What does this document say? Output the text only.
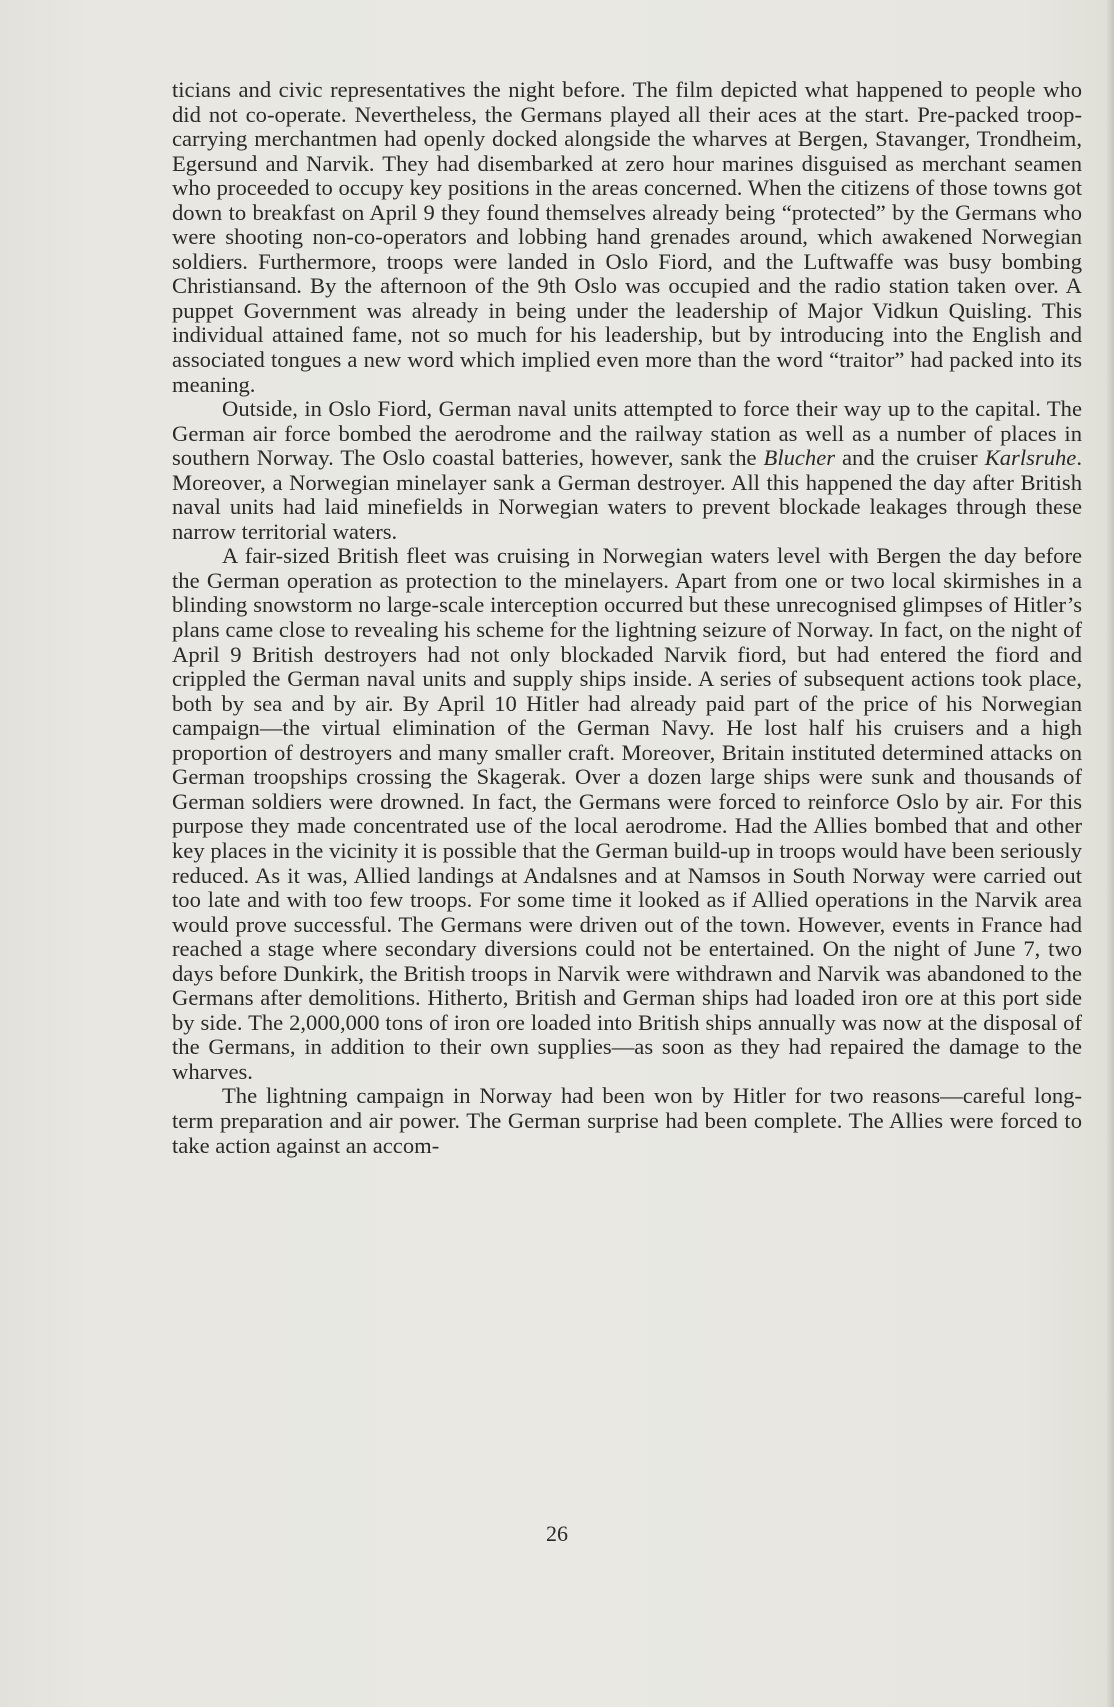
ticians and civic representatives the night before. The film depicted what happened to people who did not co-operate. Nevertheless, the Germans played all their aces at the start. Pre-packed troop-carrying merchantmen had openly docked alongside the wharves at Bergen, Stavanger, Trondheim, Egersund and Narvik. They had disembarked at zero hour marines disguised as merchant seamen who proceeded to occupy key positions in the areas concerned. When the citizens of those towns got down to breakfast on April 9 they found themselves already being “protected” by the Germans who were shooting non-co-operators and lobbing hand grenades around, which awakened Norwegian soldiers. Furthermore, troops were landed in Oslo Fiord, and the Luftwaffe was busy bombing Christiansand. By the afternoon of the 9th Oslo was occupied and the radio station taken over. A puppet Government was already in being under the leadership of Major Vidkun Quisling. This individual attained fame, not so much for his leadership, but by introducing into the English and associated tongues a new word which implied even more than the word “traitor” had packed into its meaning.

Outside, in Oslo Fiord, German naval units attempted to force their way up to the capital. The German air force bombed the aerodrome and the railway station as well as a number of places in southern Norway. The Oslo coastal batteries, however, sank the Blucher and the cruiser Karlsruhe. Moreover, a Norwegian minelayer sank a German destroyer. All this happened the day after British naval units had laid minefields in Norwegian waters to prevent blockade leakages through these narrow territorial waters.

A fair-sized British fleet was cruising in Norwegian waters level with Bergen the day before the German operation as protection to the minelayers. Apart from one or two local skirmishes in a blinding snowstorm no large-scale interception occurred but these unrecognised glimpses of Hitler’s plans came close to revealing his scheme for the lightning seizure of Norway. In fact, on the night of April 9 British destroyers had not only blockaded Narvik fiord, but had entered the fiord and crippled the German naval units and supply ships inside. A series of subsequent actions took place, both by sea and by air. By April 10 Hitler had already paid part of the price of his Norwegian campaign—the virtual elimination of the German Navy. He lost half his cruisers and a high proportion of destroyers and many smaller craft. Moreover, Britain instituted determined attacks on German troopships crossing the Skagerak. Over a dozen large ships were sunk and thousands of German soldiers were drowned. In fact, the Germans were forced to reinforce Oslo by air. For this purpose they made concentrated use of the local aerodrome. Had the Allies bombed that and other key places in the vicinity it is possible that the German build-up in troops would have been seriously reduced. As it was, Allied landings at Andalsnes and at Namsos in South Norway were carried out too late and with too few troops. For some time it looked as if Allied operations in the Narvik area would prove successful. The Germans were driven out of the town. However, events in France had reached a stage where secondary diversions could not be entertained. On the night of June 7, two days before Dunkirk, the British troops in Narvik were withdrawn and Narvik was abandoned to the Germans after demolitions. Hitherto, British and German ships had loaded iron ore at this port side by side. The 2,000,000 tons of iron ore loaded into British ships annually was now at the disposal of the Germans, in addition to their own supplies—as soon as they had repaired the damage to the wharves.

The lightning campaign in Norway had been won by Hitler for two reasons—careful long-term preparation and air power. The German surprise had been complete. The Allies were forced to take action against an accom-

26
